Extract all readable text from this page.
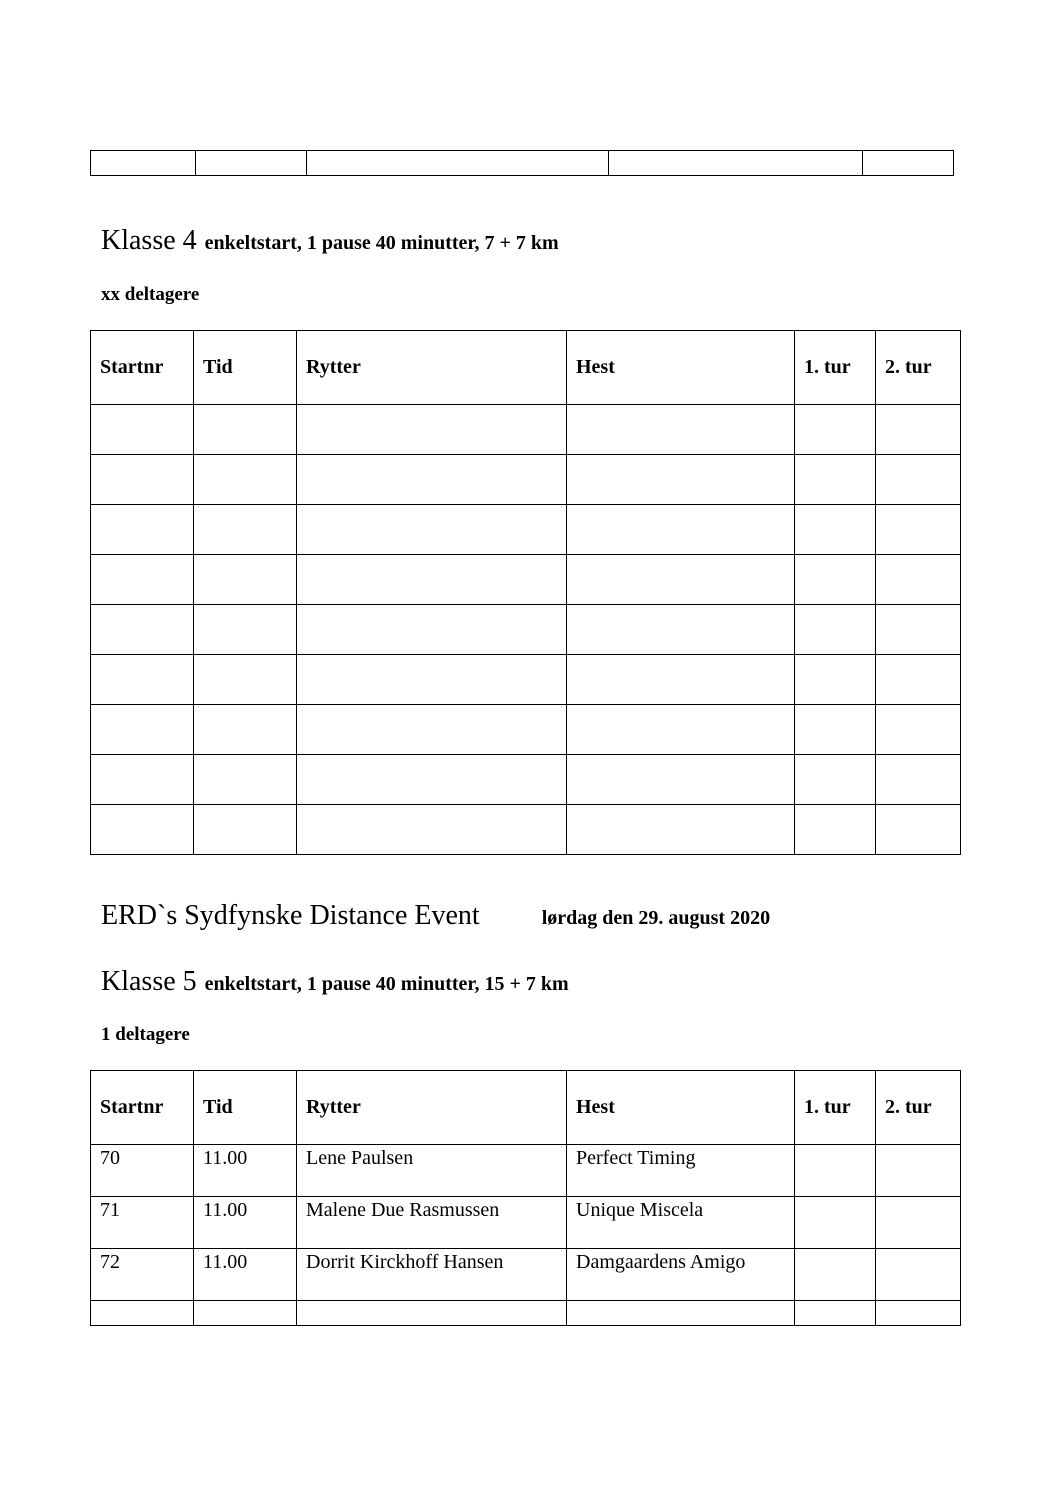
Klasse 4 enkeltstart, 1 pause 40 minutter, 7 + 7 km
xx deltagere
Startnr	Tid	Rytter	Hest	1. tur	2. tur

ERD`s Sydfynske Distance Event	lørdag den 29. august 2020
Klasse 5 enkeltstart, 1 pause 40 minutter, 15 + 7 km
1 deltagere
Startnr	Tid	Rytter	Hest	1. tur	2. tur
70	11.00	Lene Paulsen	Perfect Timing		
71	11.00	Malene Due Rasmussen	Unique Miscela		
72	11.00	Dorrit Kirckhoff Hansen	Damgaardens Amigo		
